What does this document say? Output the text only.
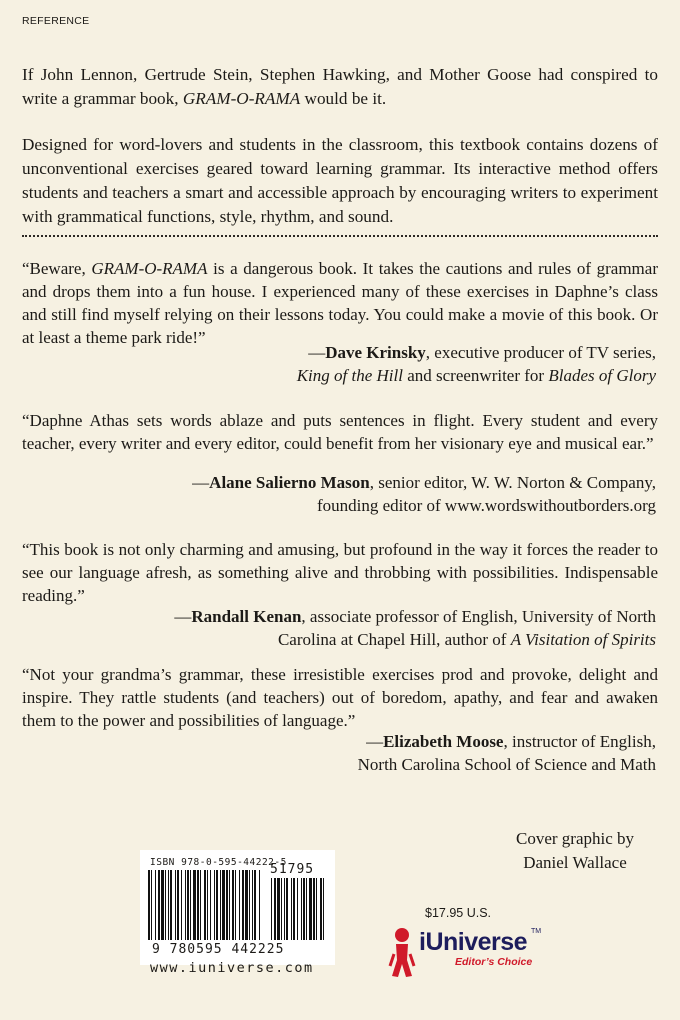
REFERENCE
If John Lennon, Gertrude Stein, Stephen Hawking, and Mother Goose had conspired to write a grammar book, GRAM-O-RAMA would be it.
Designed for word-lovers and students in the classroom, this textbook contains dozens of unconventional exercises geared toward learning grammar. Its interactive method offers students and teachers a smart and accessible approach by encouraging writers to experiment with grammatical functions, style, rhythm, and sound.
“Beware, GRAM-O-RAMA is a dangerous book. It takes the cautions and rules of grammar and drops them into a fun house. I experienced many of these exercises in Daphne’s class and still find myself relying on their lessons today. You could make a movie of this book. Or at least a theme park ride!”
—Dave Krinsky, executive producer of TV series,
King of the Hill and screenwriter for Blades of Glory
“Daphne Athas sets words ablaze and puts sentences in flight. Every student and every teacher, every writer and every editor, could benefit from her visionary eye and musical ear.”
—Alane Salierno Mason, senior editor, W. W. Norton & Company,
founding editor of www.wordswithoutborders.org
“This book is not only charming and amusing, but profound in the way it forces the reader to see our language afresh, as something alive and throbbing with possibilities. Indispensable reading.”
—Randall Kenan, associate professor of English, University of North
Carolina at Chapel Hill, author of A Visitation of Spirits
“Not your grandma’s grammar, these irresistible exercises prod and provoke, delight and inspire. They rattle students (and teachers) out of boredom, apathy, and fear and awaken them to the power and possibilities of language.”
—Elizabeth Moose, instructor of English,
North Carolina School of Science and Math
Cover graphic by
Daniel Wallace
ISBN 978-0-595-44222-5
51795
9 780595 442225
www.iuniverse.com
$17.95 U.S.
iUniverse TM
Editor’s Choice
